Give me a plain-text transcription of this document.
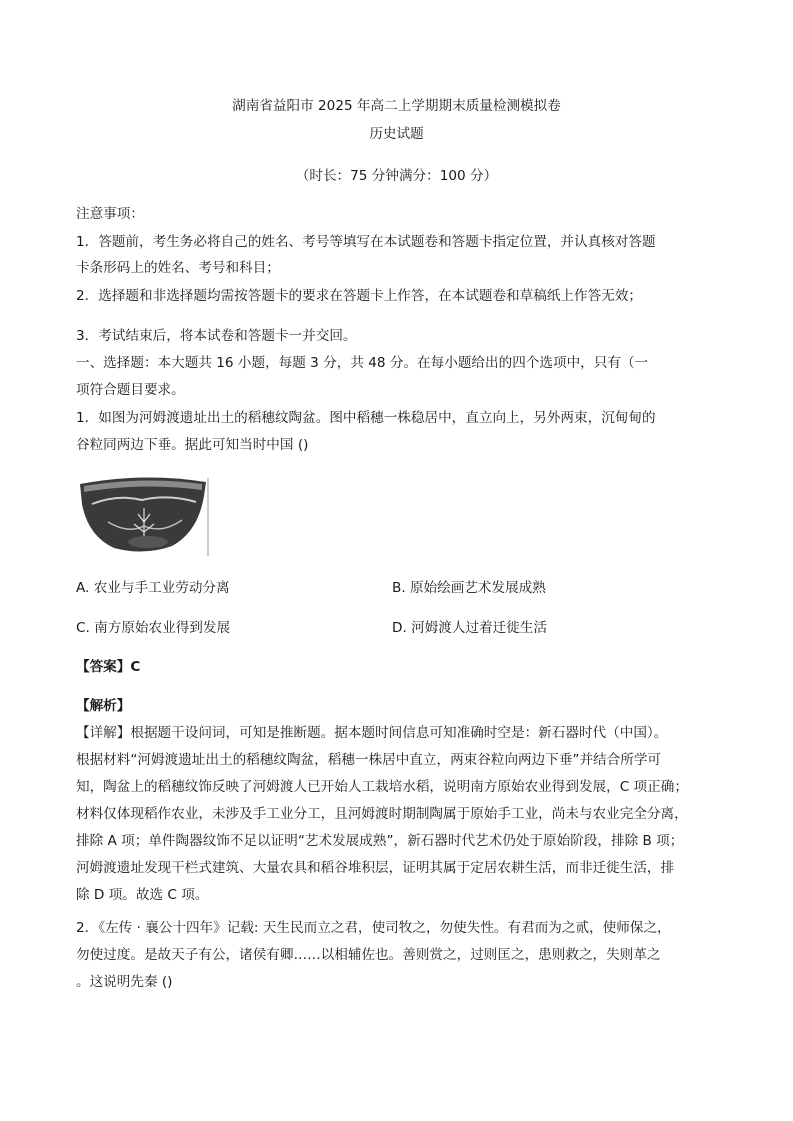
湖南省益阳市 2025 年高二上学期期末质量检测模拟卷
历史试题
（时长：75 分钟满分：100 分）
注意事项：
1．答题前，考生务必将自己的姓名、考号等填写在本试题卷和答题卡指定位置，并认真核对答题
卡条形码上的姓名、考号和科目；
2．选择题和非选择题均需按答题卡的要求在答题卡上作答，在本试题卷和草稿纸上作答无效；
3．考试结束后，将本试卷和答题卡一并交回。
一、选择题：本大题共 16 小题，每题 3 分，共 48 分。在每小题给出的四个选项中，只有（一
项符合题目要求。
1．如图为河姆渡遗址出土的稻穗纹陶盆。图中稻穗一株稳居中，直立向上，另外两束，沉甸甸的
谷粒同两边下垂。据此可知当时中国 ()
A. 农业与手工业劳动分离	B. 原始绘画艺术发展成熟
C. 南方原始农业得到发展	D. 河姆渡人过着迁徙生活
【答案】C
【解析】
【详解】根据题干设问词，可知是推断题。据本题时间信息可知准确时空是：新石器时代（中国）。
根据材料“河姆渡遗址出土的稻穗纹陶盆，稻穗一株居中直立，两束谷粒向两边下垂”并结合所学可
知，陶盆上的稻穗纹饰反映了河姆渡人已开始人工栽培水稻，说明南方原始农业得到发展，C 项正确；
材料仅体现稻作农业，未涉及手工业分工，且河姆渡时期制陶属于原始手工业，尚未与农业完全分离，
排除 A 项；单件陶器纹饰不足以证明“艺术发展成熟”，新石器时代艺术仍处于原始阶段，排除 B 项；
河姆渡遗址发现干栏式建筑、大量农具和稻谷堆积层，证明其属于定居农耕生活，而非迁徙生活，排
除 D 项。故选 C 项。
2．《左传 · 襄公十四年》记载: 天生民而立之君，使司牧之，勿使失性。有君而为之贰，使师保之，
勿使过度。是故天子有公，诸侯有卿……以相辅佐也。善则赏之，过则匡之，患则救之，失则革之
。这说明先秦 ()
